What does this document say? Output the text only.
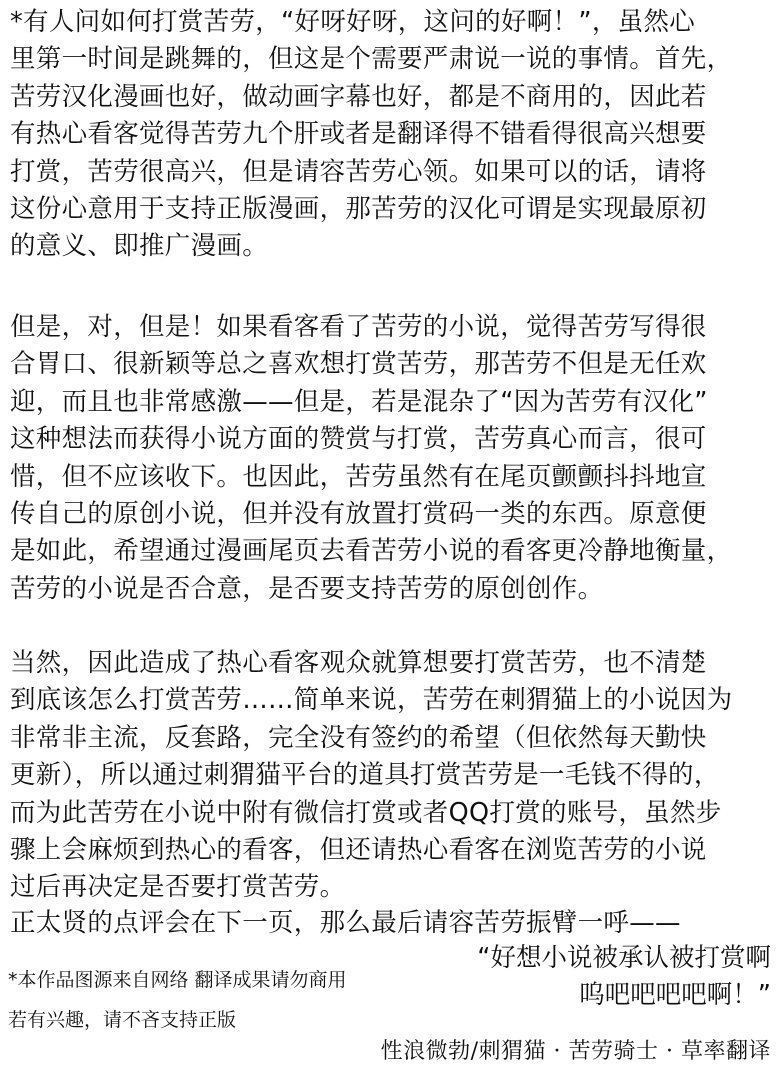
*有人问如何打赏苦劳，“好呀好呀，这问的好啊！”，虽然心
里第一时间是跳舞的，但这是个需要严肃说一说的事情。首先，
苦劳汉化漫画也好，做动画字幕也好，都是不商用的，因此若
有热心看客觉得苦劳九个肝或者是翻译得不错看得很高兴想要
打赏，苦劳很高兴，但是请容苦劳心领。如果可以的话，请将
这份心意用于支持正版漫画，那苦劳的汉化可谓是实现最原初
的意义、即推广漫画。
但是，对，但是！如果看客看了苦劳的小说，觉得苦劳写得很
合胃口、很新颖等总之喜欢想打赏苦劳，那苦劳不但是无任欢
迎，而且也非常感激——但是，若是混杂了“因为苦劳有汉化”
这种想法而获得小说方面的赞赏与打赏，苦劳真心而言，很可
惜，但不应该收下。也因此，苦劳虽然有在尾页颤颤抖抖地宣
传自己的原创小说，但并没有放置打赏码一类的东西。原意便
是如此，希望通过漫画尾页去看苦劳小说的看客更冷静地衡量，
苦劳的小说是否合意，是否要支持苦劳的原创创作。
当然，因此造成了热心看客观众就算想要打赏苦劳，也不清楚
到底该怎么打赏苦劳……简单来说，苦劳在刺猬猫上的小说因为
非常非主流，反套路，完全没有签约的希望（但依然每天勤快
更新），所以通过刺猬猫平台的道具打赏苦劳是一毛钱不得的，
而为此苦劳在小说中附有微信打赏或者QQ打赏的账号，虽然步
骤上会麻烦到热心的看客，但还请热心看客在浏览苦劳的小说
过后再决定是否要打赏苦劳。
正太贤的点评会在下一页，那么最后请容苦劳振臂一呼——
“好想小说被承认被打赏啊
呜吧吧吧吧啊！”
*本作品图源来自网络 翻译成果请勿商用
若有兴趣，请不吝支持正版
性浪微勃/刺猬猫 · 苦劳骑士 · 草率翻译
